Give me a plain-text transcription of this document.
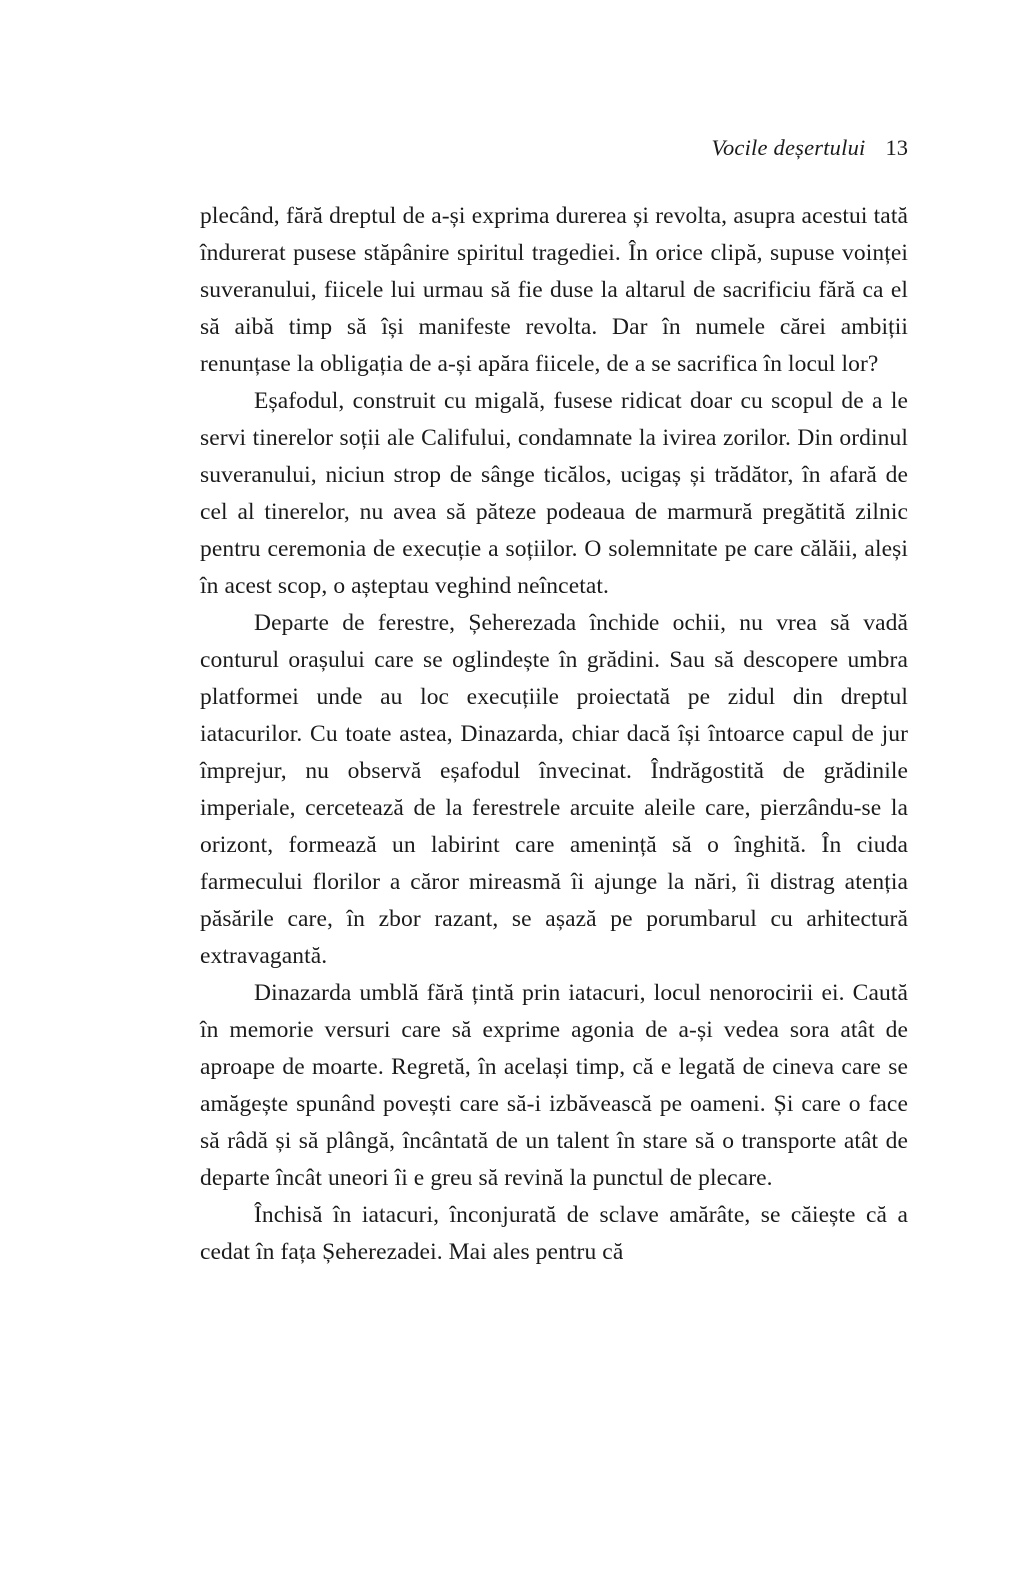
Vocile deșertului 13

plecând, fără dreptul de a-și exprima durerea și revolta, asupra acestui tată îndurerat pusese stăpânire spiritul tragediei. În orice clipă, supuse voinței suveranului, fiicele lui urmau să fie duse la altarul de sacrificiu fără ca el să aibă timp să își manifeste revolta. Dar în numele cărei ambiții renunțase la obligația de a-și apăra fiicele, de a se sacrifica în locul lor?

Eșafodul, construit cu migală, fusese ridicat doar cu scopul de a le servi tinerelor soții ale Califului, condamnate la ivirea zorilor. Din ordinul suveranului, niciun strop de sânge ticălos, ucigaș și trădător, în afară de cel al tinerelor, nu avea să păteze podeaua de marmură pregătită zilnic pentru ceremonia de execuție a soțiilor. O solemnitate pe care călăii, aleși în acest scop, o așteptau veghind neîncetat.

Departe de ferestre, Șeherezada închide ochii, nu vrea să vadă conturul orașului care se oglindește în grădini. Sau să descopere umbra platformei unde au loc execuțiile proiectată pe zidul din dreptul iatacurilor. Cu toate astea, Dinazarda, chiar dacă își întoarce capul de jur împrejur, nu observă eșafodul învecinat. Îndrăgostită de grădinile imperiale, cercetează de la ferestrele arcuite aleile care, pierzându-se la orizont, formează un labirint care amenință să o înghită. În ciuda farmecului florilor a căror mireasmă îi ajunge la nări, îi distrag atenția păsările care, în zbor razant, se așază pe porumbarul cu arhitectură extravagantă.

Dinazarda umblă fără țintă prin iatacuri, locul nenorocirii ei. Caută în memorie versuri care să exprime agonia de a-și vedea sora atât de aproape de moarte. Regretă, în același timp, că e legată de cineva care se amăgește spunând povești care să-i izbăvească pe oameni. Și care o face să râdă și să plângă, încântată de un talent în stare să o transporte atât de departe încât uneori îi e greu să revină la punctul de plecare.

Închisă în iatacuri, înconjurată de sclave amărâte, se căiește că a cedat în fața Șeherezadei. Mai ales pentru că
